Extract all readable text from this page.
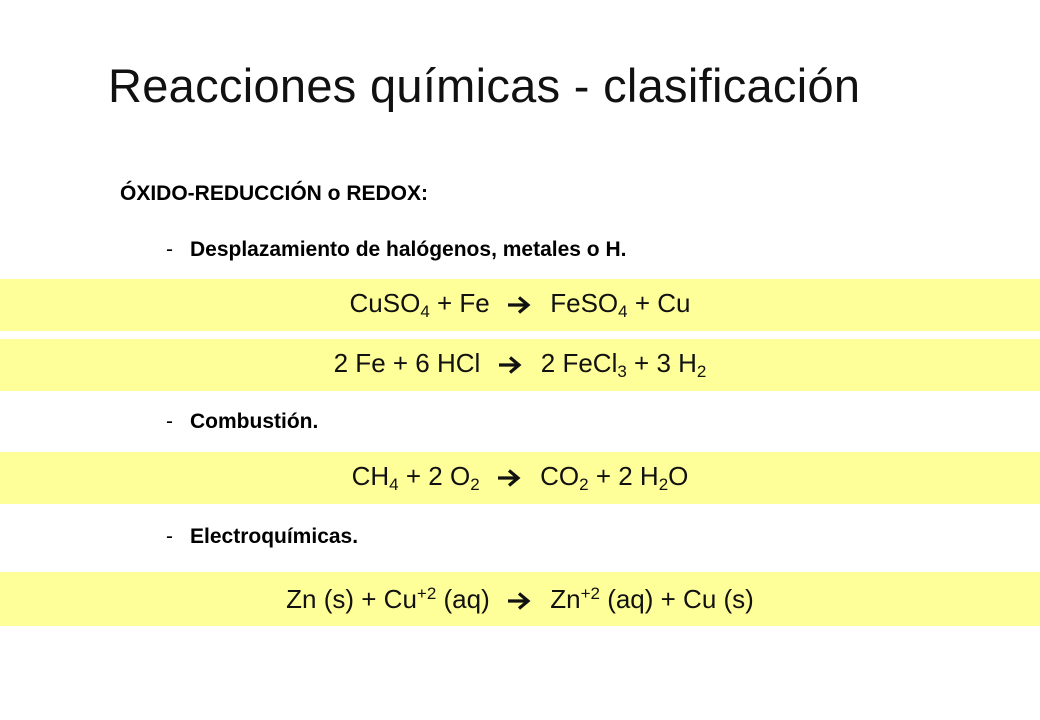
Reacciones químicas - clasificación
ÓXIDO-REDUCCIÓN o REDOX:
- Desplazamiento de halógenos, metales o H.
CuSO$_4$ + Fe FeSO$_4$ + Cu
2 Fe + 6 HCl 2 FeCl$_3$ + 3 $H_2$
- Combustión.
$CH_4 + 2$ $O_2$ $CO_2 + 2$ $H_2O$
- Electroquímicas.
Zn $(s) + Cu^{+2}$ (aq) $Zn^{+2}$ (aq) + Cu (s)
